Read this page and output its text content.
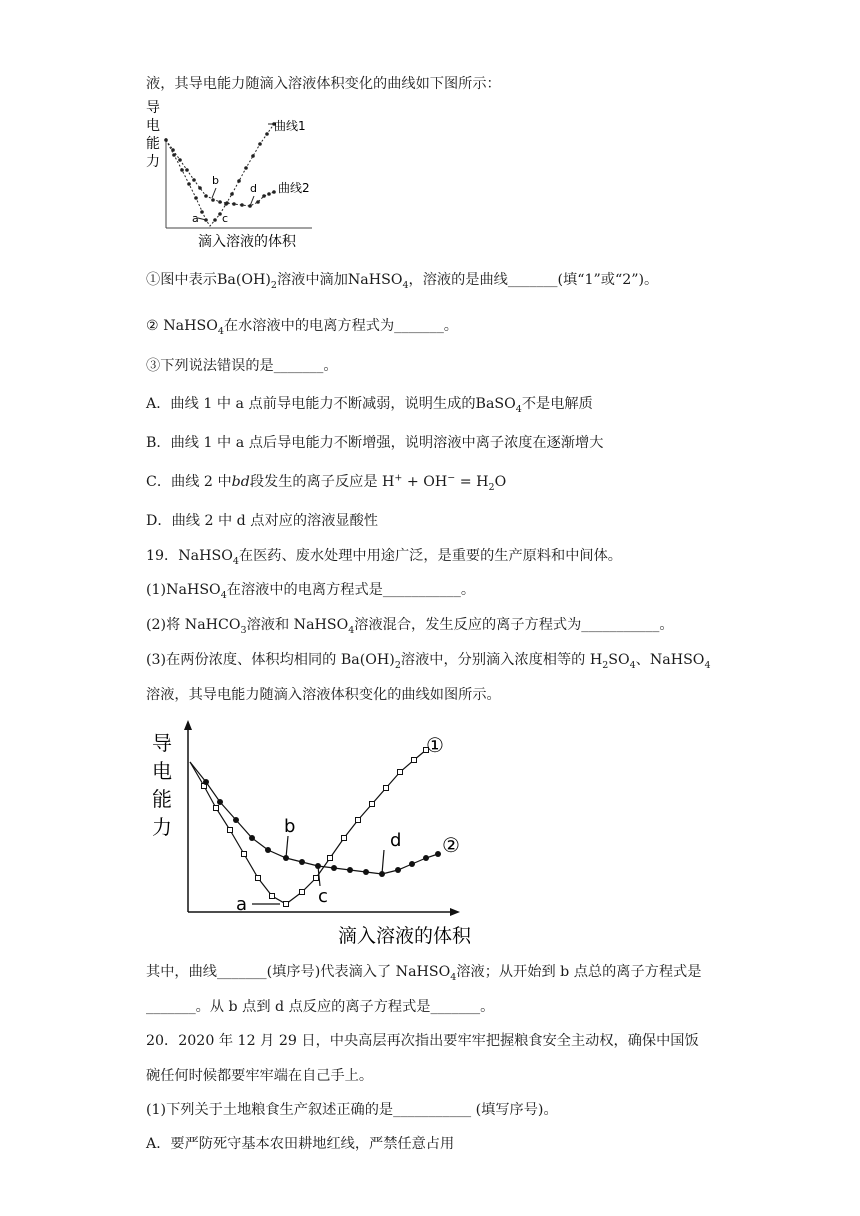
液，其导电能力随滴入溶液体积变化的曲线如下图所示：
导
电
能
力
曲线1
曲线2
a
b
c
d
滴入溶液的体积
①图中表示$Ba(OH)_2$溶液中滴加NaHSO$_4$，溶液的是曲线_______(填“1”或“2”)。
② NaHSO$_4$在水溶液中的电离方程式为_______。
③下列说法错误的是_______。
A．曲线 1 中 a 点前导电能力不断减弱，说明生成的BaSO$_4$不是电解质
B．曲线 1 中 a 点后导电能力不断增强，说明溶液中离子浓度在逐渐增大
C．曲线 2 中bd段发生的离子反应是 $H^+ + OH^- = H_2O$
D．曲线 2 中 d 点对应的溶液显酸性
19．NaHSO$_4$在医药、废水处理中用途广泛，是重要的生产原料和中间体。
(1)NaHSO$_4$在溶液中的电离方程式是___________。
(2)将 NaHCO$_3$溶液和 NaHSO$_4$溶液混合，发生反应的离子方程式为___________。
(3)在两份浓度、体积均相同的 $Ba(OH)_2$溶液中，分别滴入浓度相等的 $H_2SO_4$、NaHSO$_4$
溶液，其导电能力随滴入溶液体积变化的曲线如图所示。
导
电
能
力
①
②
a
b
c
d
滴入溶液的体积
其中，曲线_______(填序号)代表滴入了 NaHSO$_4$溶液；从开始到 b 点总的离子方程式是
_______。从 b 点到 d 点反应的离子方程式是_______。
20．2020 年 12 月 29 日，中央高层再次指出要牢牢把握粮食安全主动权，确保中国饭
碗任何时候都要牢牢端在自己手上。
(1)下列关于土地粮食生产叙述正确的是___________ (填写序号)。
A．要严防死守基本农田耕地红线，严禁任意占用
